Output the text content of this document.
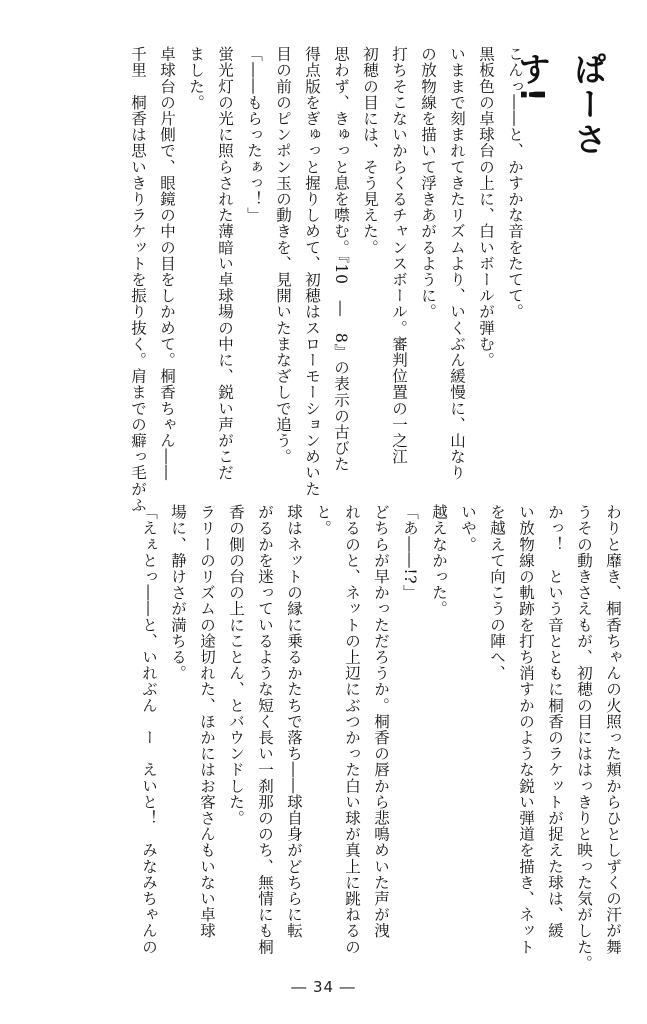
ぱーさす!
こんっ――と、かすかな音をたてて。
黒板色の卓球台の上に、白いボールが弾む。
いままで刻まれてきたリズムより、いくぶん緩慢に、山なり
の放物線を描いて浮きあがるように。
打ちそこないからくるチャンスボール。審判位置の一之江
初穂の目には、そう見えた。
思わず、きゅっと息を噤む。『10　―　8』の表示の古びた
得点版をぎゅっと握りしめて、初穂はスローモーションめいた
目の前のピンポン玉の動きを、見開いたまなざしで追う。
「――もらったぁっ！」
蛍光灯の光に照らされた薄暗い卓球場の中に、鋭い声がこだ
ました。
卓球台の片側で、眼鏡の中の目をしかめて。桐香ちゃん――
千里　桐香は思いきりラケットを振り抜く。肩までの癖っ毛がふ
わりと靡き、桐香ちゃんの火照った頬からひとしずくの汗が舞
うその動きさえもが、初穂の目にははっきりと映った気がした。
かっ！　という音とともに桐香のラケットが捉えた球は、緩
い放物線の軌跡を打ち消すかのような鋭い弾道を描き、ネット
を越えて向こうの陣へ、
いや。
越えなかった。
「あ――!?」
どちらが早かっただろうか。桐香の唇から悲鳴めいた声が洩
れるのと、ネットの上辺にぶつかった白い球が真上に跳ねるの
と。
球はネットの縁に乗るかたちで落ち――球自身がどちらに転
がるかを迷っているような短く長い一刹那ののち、無情にも桐
香の側の台の上にことん、とバウンドした。
ラリーのリズムの途切れた、ほかにはお客さんもいない卓球
場に、静けさが満ちる。
「えぇとっ――と、いれぶん　ー　えいと！　みなみちゃんの
― 34 ―
